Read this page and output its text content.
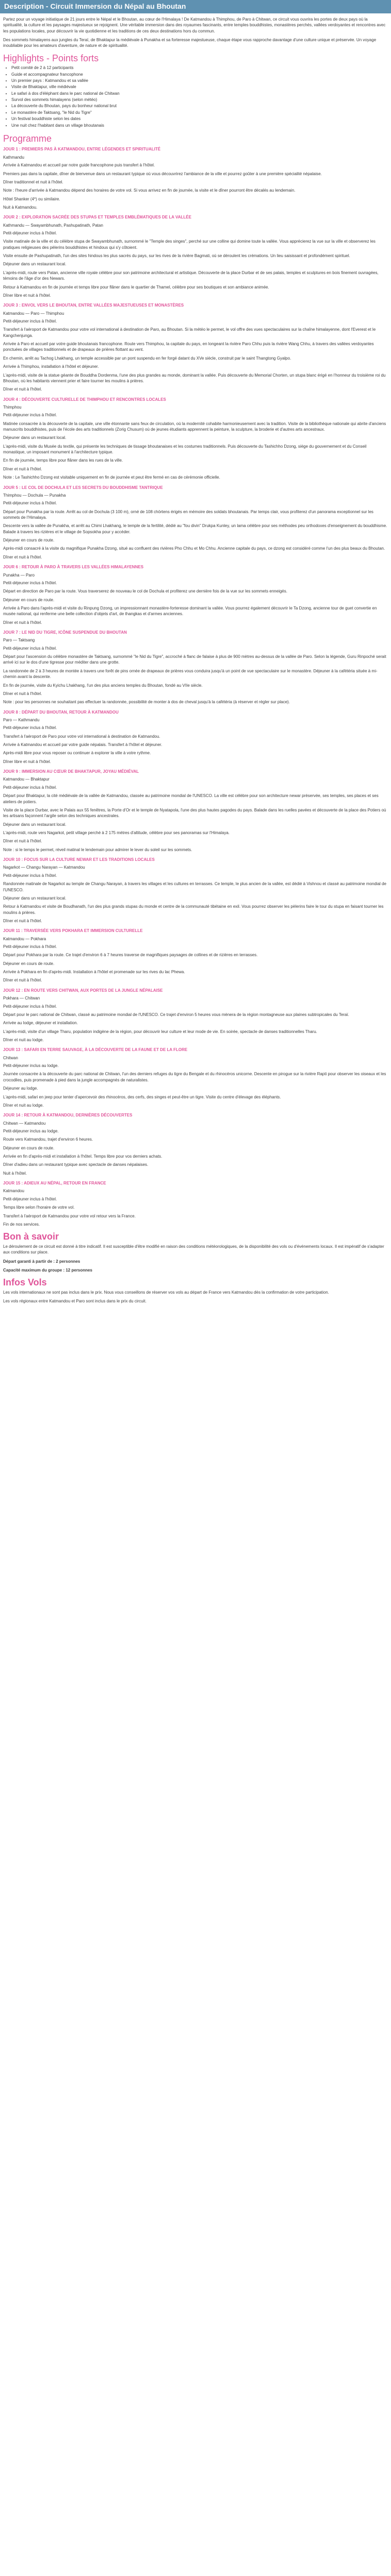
Description - Circuit Immersion du Népal au Bhoutan

Partez pour un voyage initiatique de 21 jours entre le Népal et le Bhoutan, au cœur de l'Himalaya ! De Katmandou à Thimphou, de Paro à Chitwan, ce circuit vous ouvrira les portes de deux pays où la spiritualité, la culture et les paysages majestueux se rejoignent. Une véritable immersion dans des royaumes fascinants, entre temples bouddhistes, monastères perchés, vallées verdoyantes et rencontres avec les populations locales, pour découvrir la vie quotidienne et les traditions de ces deux destinations hors du commun.

Des sommets himalayens aux jungles du Teraï, de Bhaktapur la médiévale à Punakha et sa forteresse majestueuse, chaque étape vous rapproche davantage d'une culture unique et préservée. Un voyage inoubliable pour les amateurs d'aventure, de nature et de spiritualité.

Highlights - Points forts
• Petit comité de 2 à 12 participants
• Guide et accompagnateur francophone
• Un premier pays : Katmandou et sa vallée
• Visite de Bhaktapur, ville médiévale
• Le safari à dos d'éléphant dans le parc national de Chitwan
• Survol des sommets himalayens (selon météo)
• La découverte du Bhoutan, pays du bonheur national brut
• Le monastère de Taktsang, "le Nid du Tigre"
• Un festival bouddhiste selon les dates
• Une nuit chez l'habitant dans un village bhoutanais
Programme
JOUR 1 : PREMIERS PAS À KATMANDOU, ENTRE LÉGENDES ET SPIRITUALITÉ
Kathmandu

Arrivée à Katmandou et accueil par notre guide francophone puis transfert à l'hôtel.

Premiers pas dans la capitale, dîner de bienvenue dans un restaurant typique où vous découvrirez l'ambiance de la ville et pourrez goûter à une première spécialité népalaise.

Dîner traditionnel et nuit à l'hôtel.

Note : l'heure d'arrivée à Katmandou dépend des horaires de votre vol. Si vous arrivez en fin de journée, la visite et le dîner pourront être décalés au lendemain.

Hôtel Shanker (4*) ou similaire.

Nuit à Katmandou.

JOUR 2 : EXPLORATION SACRÉE DES STUPAS ET TEMPLES EMBLÉMATIQUES DE LA VALLÉE
Kathmandu — Swayambhunath, Pashupatinath, Patan

Petit-déjeuner inclus à l'hôtel.

Visite matinale de la ville et du célèbre stupa de Swayambhunath, surnommé le "Temple des singes", perché sur une colline qui domine toute la vallée. Vous apprécierez la vue sur la ville et observerez les pratiques religieuses des pèlerins bouddhistes et hindous qui s'y côtoient.

Visite ensuite de Pashupatinath, l'un des sites hindous les plus sacrés du pays, sur les rives de la rivière Bagmati, où se déroulent les crémations. Un lieu saisissant et profondément spirituel.

Déjeuner dans un restaurant local.

L'après-midi, route vers Patan, ancienne ville royale célèbre pour son patrimoine architectural et artistique. Découverte de la place Durbar et de ses palais, temples et sculptures en bois finement ouvragées, témoins de l'âge d'or des Newars.

Retour à Katmandou en fin de journée et temps libre pour flâner dans le quartier de Thamel, célèbre pour ses boutiques et son ambiance animée.

Dîner libre et nuit à l'hôtel.

JOUR 3 : ENVOL VERS LE BHOUTAN, ENTRE VALLÉES MAJESTUEUSES ET MONASTÈRES
Katmandou — Paro — Thimphou

Petit-déjeuner inclus à l'hôtel.

Transfert à l'aéroport de Katmandou pour votre vol international à destination de Paro, au Bhoutan. Si la météo le permet, le vol offre des vues spectaculaires sur la chaîne himalayenne, dont l'Everest et le Kangchenjunga.

Arrivée à Paro et accueil par votre guide bhoutanais francophone. Route vers Thimphou, la capitale du pays, en longeant la rivière Paro Chhu puis la rivière Wang Chhu, à travers des vallées verdoyantes ponctuées de villages traditionnels et de drapeaux de prières flottant au vent.

En chemin, arrêt au Tachog Lhakhang, un temple accessible par un pont suspendu en fer forgé datant du XVe siècle, construit par le saint Thangtong Gyalpo.

Arrivée à Thimphou, installation à l'hôtel et déjeuner.

L'après-midi, visite de la statue géante de Bouddha Dordenma, l'une des plus grandes au monde, dominant la vallée. Puis découverte du Memorial Chorten, un stupa blanc érigé en l'honneur du troisième roi du Bhoutan, où les habitants viennent prier et faire tourner les moulins à prières.

Dîner et nuit à l'hôtel.

JOUR 4 : DÉCOUVERTE CULTURELLE DE THIMPHOU ET RENCONTRES LOCALES
Thimphou

Petit-déjeuner inclus à l'hôtel.

Matinée consacrée à la découverte de la capitale, une ville étonnante sans feux de circulation, où la modernité cohabite harmonieusement avec la tradition. Visite de la bibliothèque nationale qui abrite d'anciens manuscrits bouddhistes, puis de l'école des arts traditionnels (Zorig Chusum) où de jeunes étudiants apprennent la peinture, la sculpture, la broderie et d'autres arts ancestraux.

Déjeuner dans un restaurant local.

L'après-midi, visite du Musée du textile, qui présente les techniques de tissage bhoutanaises et les costumes traditionnels. Puis découverte du Tashichho Dzong, siège du gouvernement et du Conseil monastique, un imposant monument à l'architecture typique.

En fin de journée, temps libre pour flâner dans les rues de la ville.

Dîner et nuit à l'hôtel.

Note : Le Tashichho Dzong est visitable uniquement en fin de journée et peut être fermé en cas de cérémonie officielle.

JOUR 5 : LE COL DE DOCHULA ET LES SECRETS DU BOUDDHISME TANTRIQUE
Thimphou — Dochula — Punakha

Petit-déjeuner inclus à l'hôtel.

Départ pour Punakha par la route. Arrêt au col de Dochula (3 100 m), orné de 108 chörtens érigés en mémoire des soldats bhoutanais. Par temps clair, vous profiterez d'un panorama exceptionnel sur les sommets de l'Himalaya.

Descente vers la vallée de Punakha, et arrêt au Chimi Lhakhang, le temple de la fertilité, dédié au "fou divin" Drukpa Kunley, un lama célèbre pour ses méthodes peu orthodoxes d'enseignement du bouddhisme. Balade à travers les rizières et le village de Sopsokha pour y accéder.

Déjeuner en cours de route.

Après-midi consacré à la visite du magnifique Punakha Dzong, situé au confluent des rivières Pho Chhu et Mo Chhu. Ancienne capitale du pays, ce dzong est considéré comme l'un des plus beaux du Bhoutan.

Dîner et nuit à l'hôtel.

JOUR 6 : RETOUR À PARO À TRAVERS LES VALLÉES HIMALAYENNES
Punakha — Paro

Petit-déjeuner inclus à l'hôtel.

Départ en direction de Paro par la route. Vous traverserez de nouveau le col de Dochula et profiterez une dernière fois de la vue sur les sommets enneigés.

Déjeuner en cours de route.

Arrivée à Paro dans l'après-midi et visite du Rinpung Dzong, un impressionnant monastère-forteresse dominant la vallée. Vous pourrez également découvrir le Ta Dzong, ancienne tour de guet convertie en musée national, qui renferme une belle collection d'objets d'art, de thangkas et d'armes anciennes.

Dîner et nuit à l'hôtel.

JOUR 7 : LE NID DU TIGRE, ICÔNE SUSPENDUE DU BHOUTAN
Paro — Taktsang

Petit-déjeuner inclus à l'hôtel.

Départ pour l'ascension du célèbre monastère de Taktsang, surnommé "le Nid du Tigre", accroché à flanc de falaise à plus de 900 mètres au-dessus de la vallée de Paro. Selon la légende, Guru Rinpoché serait arrivé ici sur le dos d'une tigresse pour méditer dans une grotte.

La randonnée de 2 à 3 heures de montée à travers une forêt de pins ornée de drapeaux de prières vous conduira jusqu'à un point de vue spectaculaire sur le monastère. Déjeuner à la cafétéria située à mi-chemin avant la descente.

En fin de journée, visite du Kyichu Lhakhang, l'un des plus anciens temples du Bhoutan, fondé au VIIe siècle.

Dîner et nuit à l'hôtel.

Note : pour les personnes ne souhaitant pas effectuer la randonnée, possibilité de monter à dos de cheval jusqu'à la cafétéria (à réserver et régler sur place).

JOUR 8 : DÉPART DU BHOUTAN, RETOUR À KATMANDOU
Paro — Kathmandu

Petit-déjeuner inclus à l'hôtel.

Transfert à l'aéroport de Paro pour votre vol international à destination de Katmandou.

Arrivée à Katmandou et accueil par votre guide népalais. Transfert à l'hôtel et déjeuner.

Après-midi libre pour vous reposer ou continuer à explorer la ville à votre rythme.

Dîner libre et nuit à l'hôtel.

JOUR 9 : IMMERSION AU CŒUR DE BHAKTAPUR, JOYAU MÉDIÉVAL
Katmandou — Bhaktapur

Petit-déjeuner inclus à l'hôtel.

Départ pour Bhaktapur, la cité médiévale de la vallée de Katmandou, classée au patrimoine mondial de l'UNESCO. La ville est célèbre pour son architecture newar préservée, ses temples, ses places et ses ateliers de potiers.

Visite de la place Durbar, avec le Palais aux 55 fenêtres, la Porte d'Or et le temple de Nyatapola, l'une des plus hautes pagodes du pays. Balade dans les ruelles pavées et découverte de la place des Potiers où les artisans façonnent l'argile selon des techniques ancestrales.

Déjeuner dans un restaurant local.

L'après-midi, route vers Nagarkot, petit village perché à 2 175 mètres d'altitude, célèbre pour ses panoramas sur l'Himalaya.

Dîner et nuit à l'hôtel.

Note : si le temps le permet, réveil matinal le lendemain pour admirer le lever du soleil sur les sommets.

JOUR 10 : FOCUS SUR LA CULTURE NEWAR ET LES TRADITIONS LOCALES
Nagarkot — Changu Narayan — Katmandou

Petit-déjeuner inclus à l'hôtel.

Randonnée matinale de Nagarkot au temple de Changu Narayan, à travers les villages et les cultures en terrasses. Ce temple, le plus ancien de la vallée, est dédié à Vishnou et classé au patrimoine mondial de l'UNESCO.

Déjeuner dans un restaurant local.

Retour à Katmandou et visite de Boudhanath, l'un des plus grands stupas du monde et centre de la communauté tibétaine en exil. Vous pourrez observer les pèlerins faire le tour du stupa en faisant tourner les moulins à prières.

Dîner et nuit à l'hôtel.

JOUR 11 : TRAVERSÉE VERS POKHARA ET IMMERSION CULTURELLE
Katmandou — Pokhara

Petit-déjeuner inclus à l'hôtel.

Départ pour Pokhara par la route. Ce trajet d'environ 6 à 7 heures traverse de magnifiques paysages de collines et de rizières en terrasses.

Déjeuner en cours de route.

Arrivée à Pokhara en fin d'après-midi. Installation à l'hôtel et promenade sur les rives du lac Phewa.

Dîner et nuit à l'hôtel.

JOUR 12 : EN ROUTE VERS CHITWAN, AUX PORTES DE LA JUNGLE NÉPALAISE
Pokhara — Chitwan

Petit-déjeuner inclus à l'hôtel.

Départ pour le parc national de Chitwan, classé au patrimoine mondial de l'UNESCO. Ce trajet d'environ 5 heures vous mènera de la région montagneuse aux plaines subtropicales du Teraï.

Arrivée au lodge, déjeuner et installation.

L'après-midi, visite d'un village Tharu, population indigène de la région, pour découvrir leur culture et leur mode de vie. En soirée, spectacle de danses traditionnelles Tharu.

Dîner et nuit au lodge.

JOUR 13 : SAFARI EN TERRE SAUVAGE, À LA DÉCOUVERTE DE LA FAUNE ET DE LA FLORE
Chitwan

Petit-déjeuner inclus au lodge.

Journée consacrée à la découverte du parc national de Chitwan, l'un des derniers refuges du tigre du Bengale et du rhinocéros unicorne. Descente en pirogue sur la rivière Rapti pour observer les oiseaux et les crocodiles, puis promenade à pied dans la jungle accompagnés de naturalistes.

Déjeuner au lodge.

L'après-midi, safari en jeep pour tenter d'apercevoir des rhinocéros, des cerfs, des singes et peut-être un tigre. Visite du centre d'élevage des éléphants.

Dîner et nuit au lodge.

JOUR 14 : RETOUR À KATMANDOU, DERNIÈRES DÉCOUVERTES
Chitwan — Katmandou

Petit-déjeuner inclus au lodge.

Route vers Katmandou, trajet d'environ 6 heures.

Déjeuner en cours de route.

Arrivée en fin d'après-midi et installation à l'hôtel. Temps libre pour vos derniers achats.

Dîner d'adieu dans un restaurant typique avec spectacle de danses népalaises.

Nuit à l'hôtel.

JOUR 15 : ADIEUX AU NÉPAL, RETOUR EN FRANCE
Katmandou

Petit-déjeuner inclus à l'hôtel.

Temps libre selon l'horaire de votre vol.

Transfert à l'aéroport de Katmandou pour votre vol retour vers la France.

Fin de nos services.

Bon à savoir

Le déroulement de ce circuit est donné à titre indicatif. Il est susceptible d'être modifié en raison des conditions météorologiques, de la disponibilité des vols ou d'événements locaux. Il est impératif de s'adapter aux conditions sur place.

Départ garanti à partir de : 2 personnes

Capacité maximum du groupe : 12 personnes

Infos Vols

Les vols internationaux ne sont pas inclus dans le prix. Nous vous conseillons de réserver vos vols au départ de France vers Katmandou dès la confirmation de votre participation.

Les vols régionaux entre Katmandou et Paro sont inclus dans le prix du circuit.
